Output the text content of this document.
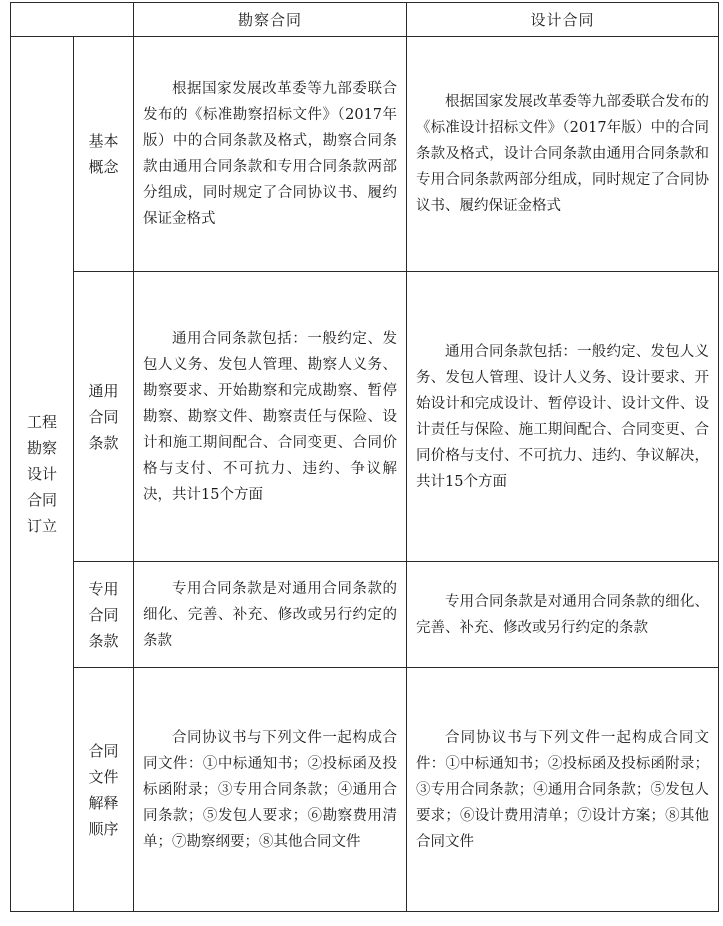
		勘察合同	设计合同
工程勘察设计合同订立	基本概念	根据国家发展改革委等九部委联合发布的《标准勘察招标文件》（2017年版）中的合同条款及格式，勘察合同条款由通用合同条款和专用合同条款两部分组成，同时规定了合同协议书、履约保证金格式	根据国家发展改革委等九部委联合发布的《标准设计招标文件》（2017年版）中的合同条款及格式，设计合同条款由通用合同条款和专用合同条款两部分组成，同时规定了合同协议书、履约保证金格式

	通用合同条款	通用合同条款包括：一般约定、发包人义务、发包人管理、勘察人义务、勘察要求、开始勘察和完成勘察、暂停勘察、勘察文件、勘察责任与保险、设计和施工期间配合、合同变更、合同价格与支付、不可抗力、违约、争议解决，共计15个方面	通用合同条款包括：一般约定、发包人义务、发包人管理、设计人义务、设计要求、开始设计和完成设计、暂停设计、设计文件、设计责任与保险、施工期间配合、合同变更、合同价格与支付、不可抗力、违约、争议解决，共计15个方面

	专用合同条款	专用合同条款是对通用合同条款的细化、完善、补充、修改或另行约定的条款	专用合同条款是对通用合同条款的细化、完善、补充、修改或另行约定的条款

	合同文件解释顺序	合同协议书与下列文件一起构成合同文件：①中标通知书；②投标函及投标函附录；③专用合同条款；④通用合同条款；⑤发包人要求；⑥勘察费用清单；⑦勘察纲要；⑧其他合同文件	合同协议书与下列文件一起构成合同文件：①中标通知书；②投标函及投标函附录；③专用合同条款；④通用合同条款；⑤发包人要求；⑥设计费用清单；⑦设计方案；⑧其他合同文件
